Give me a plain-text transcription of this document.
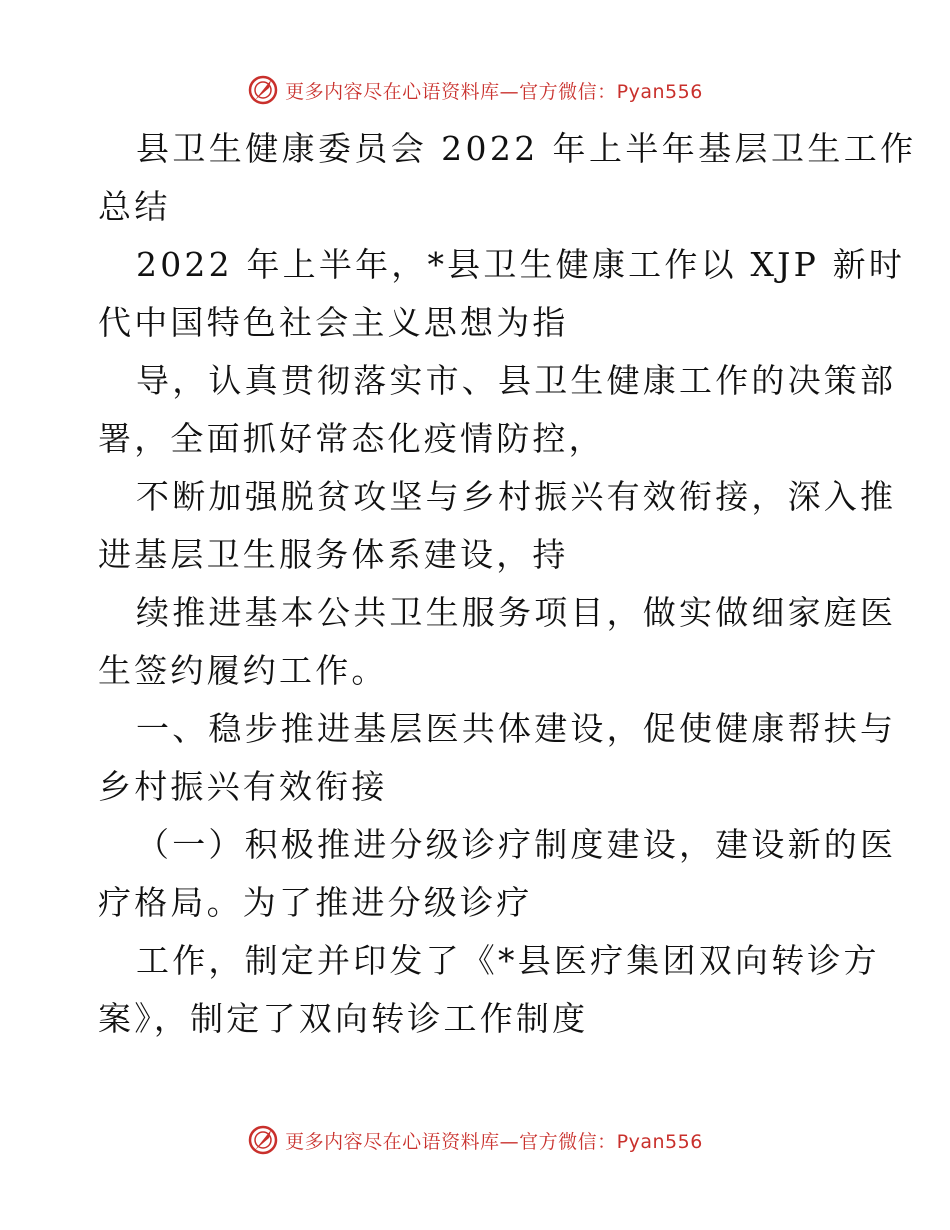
更多内容尽在心语资料库—官方微信：Pyan556
县卫生健康委员会 2022 年上半年基层卫生工作
总结
2022 年上半年，*县卫生健康工作以 XJP 新时
代中国特色社会主义思想为指
导，认真贯彻落实市、县卫生健康工作的决策部
署，全面抓好常态化疫情防控，
不断加强脱贫攻坚与乡村振兴有效衔接，深入推
进基层卫生服务体系建设，持
续推进基本公共卫生服务项目，做实做细家庭医
生签约履约工作。
一、稳步推进基层医共体建设，促使健康帮扶与
乡村振兴有效衔接
（一）积极推进分级诊疗制度建设，建设新的医
疗格局。为了推进分级诊疗
工作，制定并印发了《*县医疗集团双向转诊方
案》，制定了双向转诊工作制度
更多内容尽在心语资料库—官方微信：Pyan556
